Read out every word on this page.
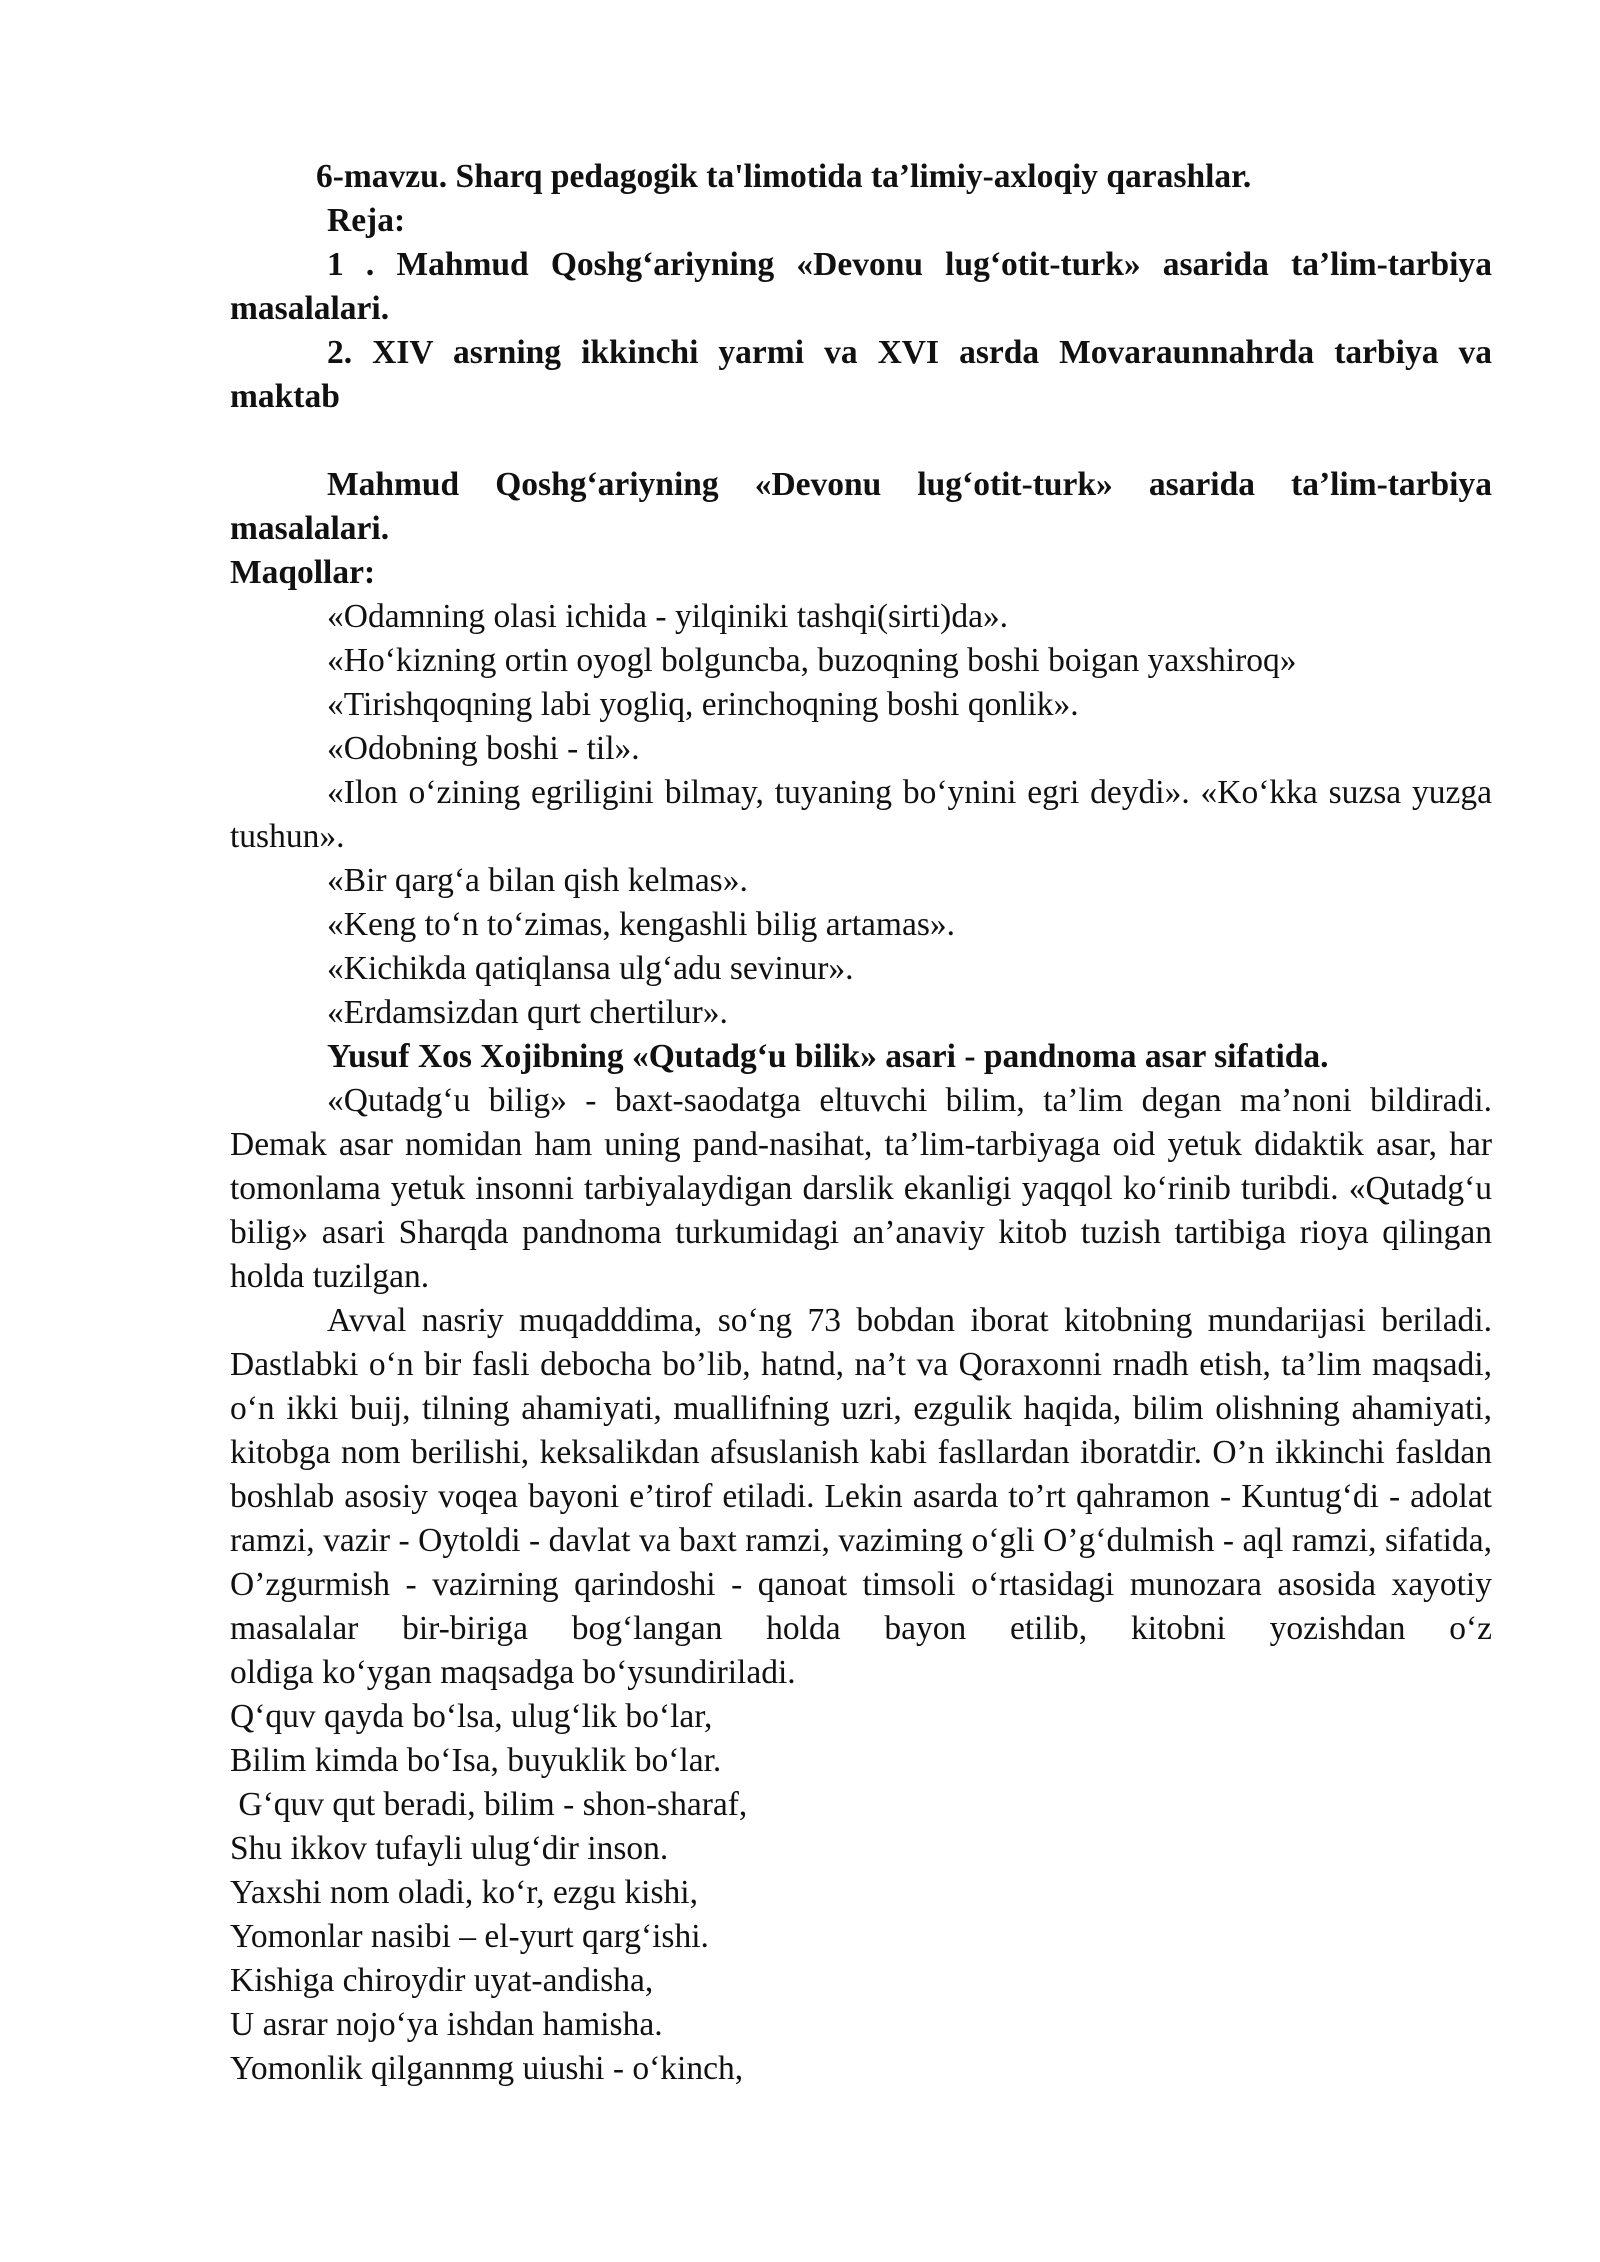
6-mavzu. Sharq pedagogik ta'limotida ta’limiy-axloqiy qarashlar.

Reja:

1 . Mahmud Qoshg‘ariyning «Devonu lug‘otit-turk» asarida ta’lim-tarbiya masalalari.

2. XIV asrning ikkinchi yarmi va XVI asrda Movaraunnahrda tarbiya va maktab

Mahmud Qoshg‘ariyning «Devonu lug‘otit-turk» asarida ta’lim-tarbiya masalalari.

Maqollar:

«Odamning olasi ichida - yilqiniki tashqi(sirti)da».

«Ho‘kizning ortin oyogl bolguncba, buzoqning boshi boigan yaxshiroq»

«Tirishqoqning labi yogliq, erinchoqning boshi qonlik».

«Odobning boshi - til».

«Ilon o‘zining egriligini bilmay, tuyaning bo‘ynini egri deydi». «Ko‘kka suzsa yuzga tushun».

«Bir qarg‘a bilan qish kelmas».

«Keng to‘n to‘zimas, kengashli bilig artamas».

«Kichikda qatiqlansa ulg‘adu sevinur».

«Erdamsizdan qurt chertilur».

Yusuf Xos Xojibning «Qutadg‘u bilik» asari - pandnoma asar sifatida.

«Qutadg‘u bilig» - baxt-saodatga eltuvchi bilim, ta’lim degan ma’noni bildiradi. Demak asar nomidan ham uning pand-nasihat, ta’lim-tarbiyaga oid yetuk didaktik asar, har tomonlama yetuk insonni tarbiyalaydigan darslik ekanligi yaqqol ko‘rinib turibdi. «Qutadg‘u bilig» asari Sharqda pandnoma turkumidagi an’anaviy kitob tuzish tartibiga rioya qilingan holda tuzilgan.

Avval nasriy muqadddima, so‘ng 73 bobdan iborat kitobning mundarijasi beriladi. Dastlabki o‘n bir fasli debocha bo’lib, hatnd, na’t va Qoraxonni rnadh etish, ta’lim maqsadi, o‘n ikki buij, tilning ahamiyati, muallifning uzri, ezgulik haqida, bilim olishning ahamiyati, kitobga nom berilishi, keksalikdan afsuslanish kabi fasllardan iboratdir. O’n ikkinchi fasldan boshlab asosiy voqea bayoni e’tirof etiladi. Lekin asarda to’rt qahramon - Kuntug‘di - adolat ramzi, vazir - Oytoldi - davlat va baxt ramzi, vaziming o‘gli O’g‘dulmish - aql ramzi, sifatida, O’zgurmish - vazirning qarindoshi - qanoat timsoli o‘rtasidagi munozara asosida xayotiy masalalar bir-biriga bog‘langan holda bayon etilib, kitobni yozishdan o‘z

oldiga ko‘ygan maqsadga bo‘ysundiriladi.

Q‘quv qayda bo‘lsa, ulug‘lik bo‘lar,

Bilim kimda bo‘Isa, buyuklik bo‘lar.

G‘quv qut beradi, bilim - shon-sharaf,

Shu ikkov tufayli ulug‘dir inson.

Yaxshi nom oladi, ko‘r, ezgu kishi,

Yomonlar nasibi – el-yurt qarg‘ishi.

Kishiga chiroydir uyat-andisha,

U asrar nojo‘ya ishdan hamisha.

Yomonlik qilgannmg uiushi - o‘kinch,
